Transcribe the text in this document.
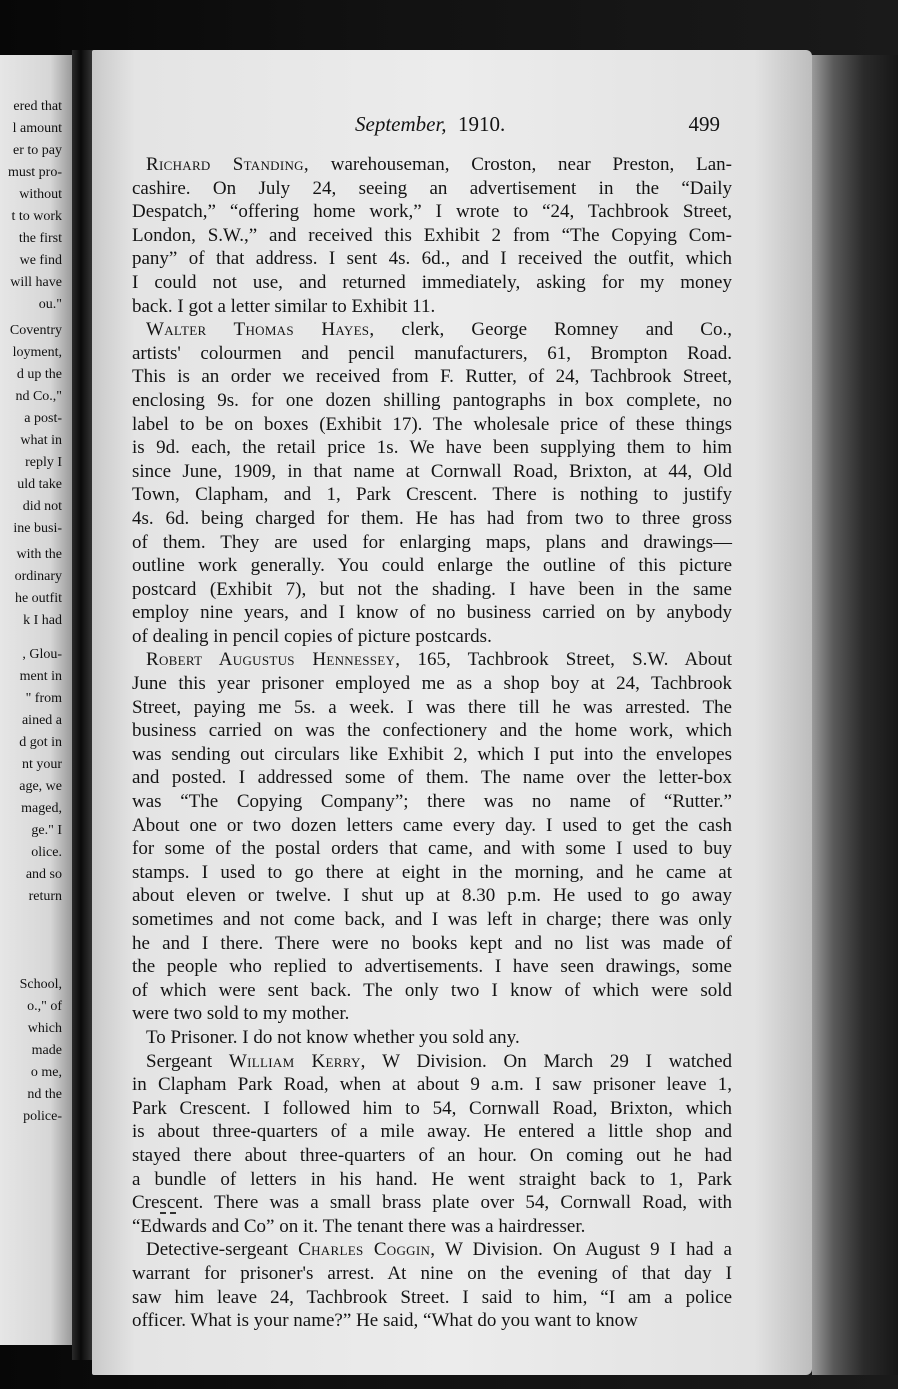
ered that
l amount
er to pay
must pro-
without
t to work
the first
we find
will have
ou."
Coventry
loyment,
d up the
nd Co.,"
a post-
what in
reply I
uld take
did not
ine busi-
with the
ordinary
he outfit
k I had
, Glou-
ment in
" from
ained a
d got in
nt your
age, we
maged,
ge." I
olice.
and so
return
School,
o.," of
which
made
o me,
nd the
police-
September, 1910.	499
Richard Standing, warehouseman, Croston, near Preston, Lan-
cashire. On July 24, seeing an advertisement in the “Daily
Despatch,” “offering home work,” I wrote to “24, Tachbrook Street,
London, S.W.,” and received this Exhibit 2 from “The Copying Com-
pany” of that address. I sent 4s. 6d., and I received the outfit, which
I could not use, and returned immediately, asking for my money
back. I got a letter similar to Exhibit 11.
Walter Thomas Hayes, clerk, George Romney and Co.,
artists' colourmen and pencil manufacturers, 61, Brompton Road.
This is an order we received from F. Rutter, of 24, Tachbrook Street,
enclosing 9s. for one dozen shilling pantographs in box complete, no
label to be on boxes (Exhibit 17). The wholesale price of these things
is 9d. each, the retail price 1s. We have been supplying them to him
since June, 1909, in that name at Cornwall Road, Brixton, at 44, Old
Town, Clapham, and 1, Park Crescent. There is nothing to justify
4s. 6d. being charged for them. He has had from two to three gross
of them. They are used for enlarging maps, plans and drawings—
outline work generally. You could enlarge the outline of this picture
postcard (Exhibit 7), but not the shading. I have been in the same
employ nine years, and I know of no business carried on by anybody
of dealing in pencil copies of picture postcards.
Robert Augustus Hennessey, 165, Tachbrook Street, S.W. About
June this year prisoner employed me as a shop boy at 24, Tachbrook
Street, paying me 5s. a week. I was there till he was arrested. The
business carried on was the confectionery and the home work, which
was sending out circulars like Exhibit 2, which I put into the envelopes
and posted. I addressed some of them. The name over the letter-box
was “The Copying Company”; there was no name of “Rutter.”
About one or two dozen letters came every day. I used to get the cash
for some of the postal orders that came, and with some I used to buy
stamps. I used to go there at eight in the morning, and he came at
about eleven or twelve. I shut up at 8.30 p.m. He used to go away
sometimes and not come back, and I was left in charge; there was only
he and I there. There were no books kept and no list was made of
the people who replied to advertisements. I have seen drawings, some
of which were sent back. The only two I know of which were sold
were two sold to my mother.
To Prisoner. I do not know whether you sold any.
Sergeant William Kerry, W Division. On March 29 I watched
in Clapham Park Road, when at about 9 a.m. I saw prisoner leave 1,
Park Crescent. I followed him to 54, Cornwall Road, Brixton, which
is about three-quarters of a mile away. He entered a little shop and
stayed there about three-quarters of an hour. On coming out he had
a bundle of letters in his hand. He went straight back to 1, Park
Crescent. There was a small brass plate over 54, Cornwall Road, with
“Edwards and Co” on it. The tenant there was a hairdresser.
Detective-sergeant Charles Coggin, W Division. On August 9 I had a
warrant for prisoner's arrest. At nine on the evening of that day I
saw him leave 24, Tachbrook Street. I said to him, “I am a police
officer. What is your name?” He said, “What do you want to know
